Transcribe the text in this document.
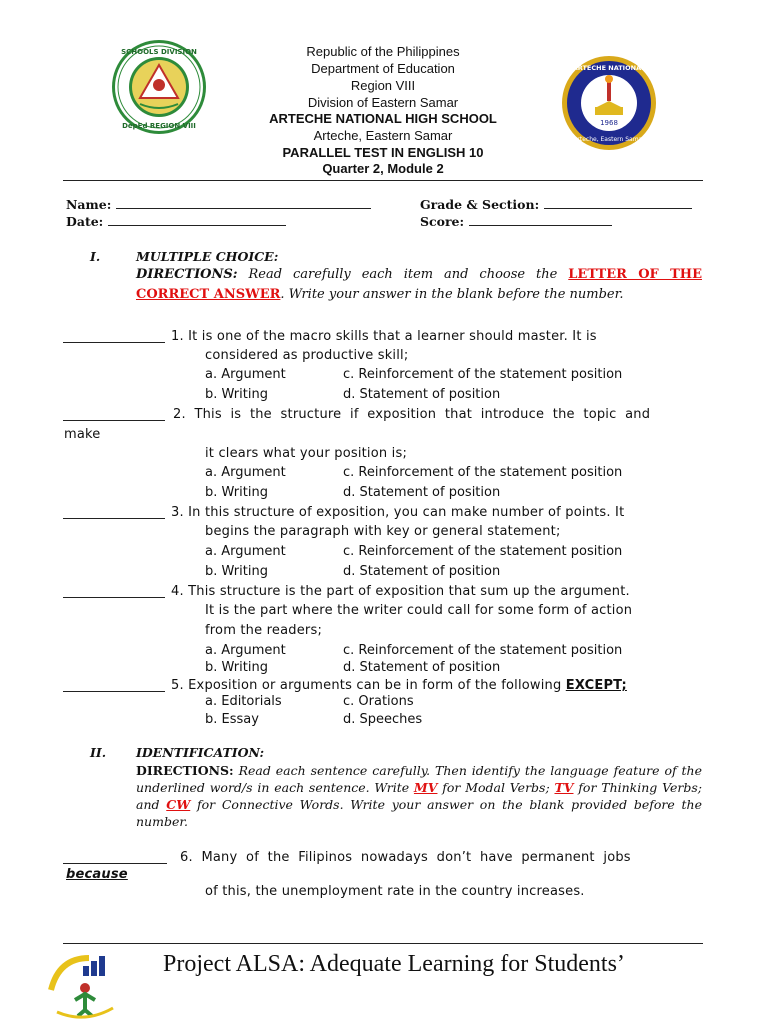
SCHOOLS DIVISION
DepEd REGION VIII
ARTECHE NATIONAL
Arteche, Eastern Samar
1968
Republic of the Philippines
Department of Education
Region VIII
Division of Eastern Samar
ARTECHE NATIONAL HIGH SCHOOL
Arteche, Eastern Samar
PARALLEL TEST IN ENGLISH 10
Quarter 2, Module 2
Name:
Date:
Grade & Section:
Score:
I.	MULTIPLE CHOICE:
DIRECTIONS: Read carefully each item and choose the LETTER OF THE CORRECT ANSWER. Write your answer in the blank before the number.
1. It is one of the macro skills that a learner should master. It is
considered as productive skill;
a. Argument	c. Reinforcement of the statement position
b. Writing	d. Statement of position
2.  This  is  the  structure  if  exposition  that  introduce  the  topic  and
make
it clears what your position is;
a. Argument	c. Reinforcement of the statement position
b. Writing	d. Statement of position
3. In this structure of exposition, you can make number of points. It
begins the paragraph with key or general statement;
a. Argument	c. Reinforcement of the statement position
b. Writing	d. Statement of position
4. This structure is the part of exposition that sum up the argument.
It is the part where the writer could call for some form of action
from the readers;
a. Argument	c. Reinforcement of the statement position
b. Writing	d. Statement of position
5. Exposition or arguments can be in form of the following EXCEPT;
a. Editorials	c. Orations
b. Essay	d. Speeches
II. IDENTIFICATION:
DIRECTIONS: Read each sentence carefully. Then identify the language feature of the underlined word/s in each sentence. Write MV for Modal Verbs; TV for Thinking Verbs; and CW for Connective Words. Write your answer on the blank provided before the number.
6.  Many  of  the  Filipinos  nowadays  don’t  have  permanent  jobs
because
of this, the unemployment rate in the country increases.
Project ALSA: Adequate Learning for Students’
